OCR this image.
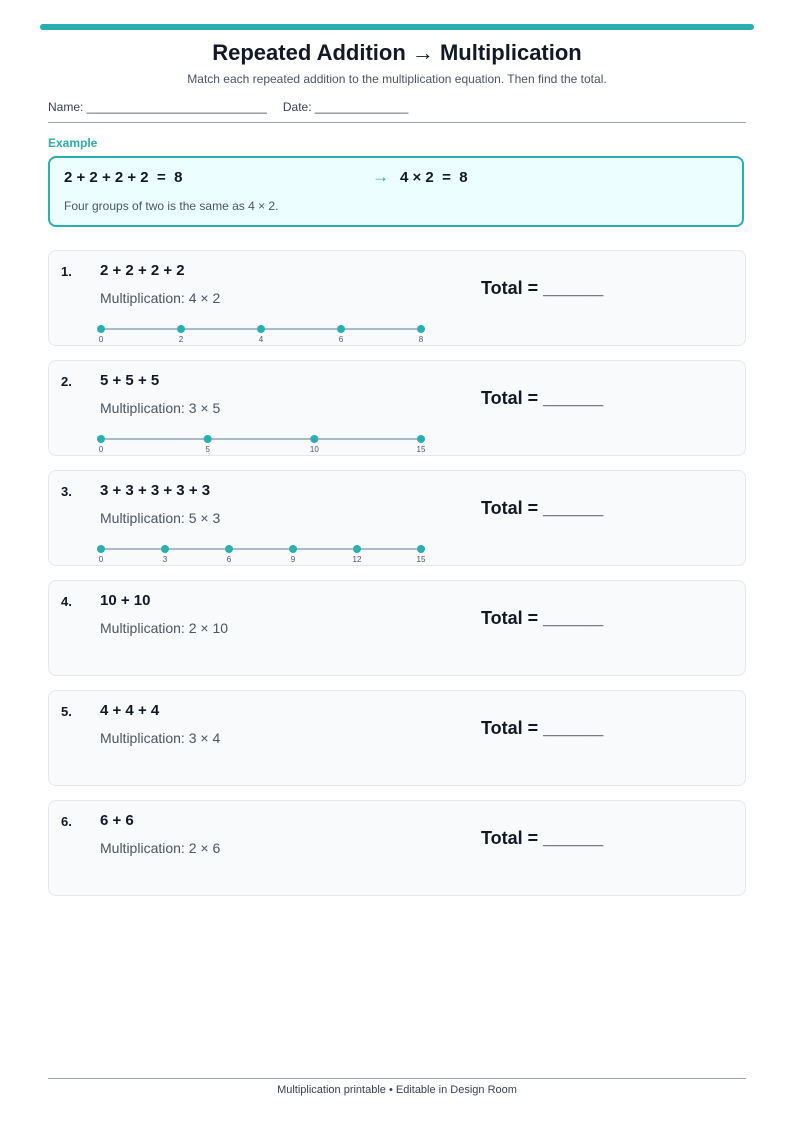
Repeated Addition → Multiplication
Match each repeated addition to the multiplication equation. Then find the total.
Name: ___________________________ Date: ______________
Example
2 + 2 + 2 + 2  =  8	→ 4 × 2  =  8
Four groups of two is the same as 4 × 2.
1. 2 + 2 + 2 + 2
Multiplication: 4 × 2	Total = ______
0	2	4	6	8
2. 5 + 5 + 5
Multiplication: 3 × 5	Total = ______
0	5	10	15
3. 3 + 3 + 3 + 3 + 3
Multiplication: 5 × 3	Total = ______
0	3	6	9	12	15
4. 10 + 10
Multiplication: 2 × 10	Total = ______
5. 4 + 4 + 4
Multiplication: 3 × 4	Total = ______
6. 6 + 6
Multiplication: 2 × 6	Total = ______
Multiplication printable • Editable in Design Room
